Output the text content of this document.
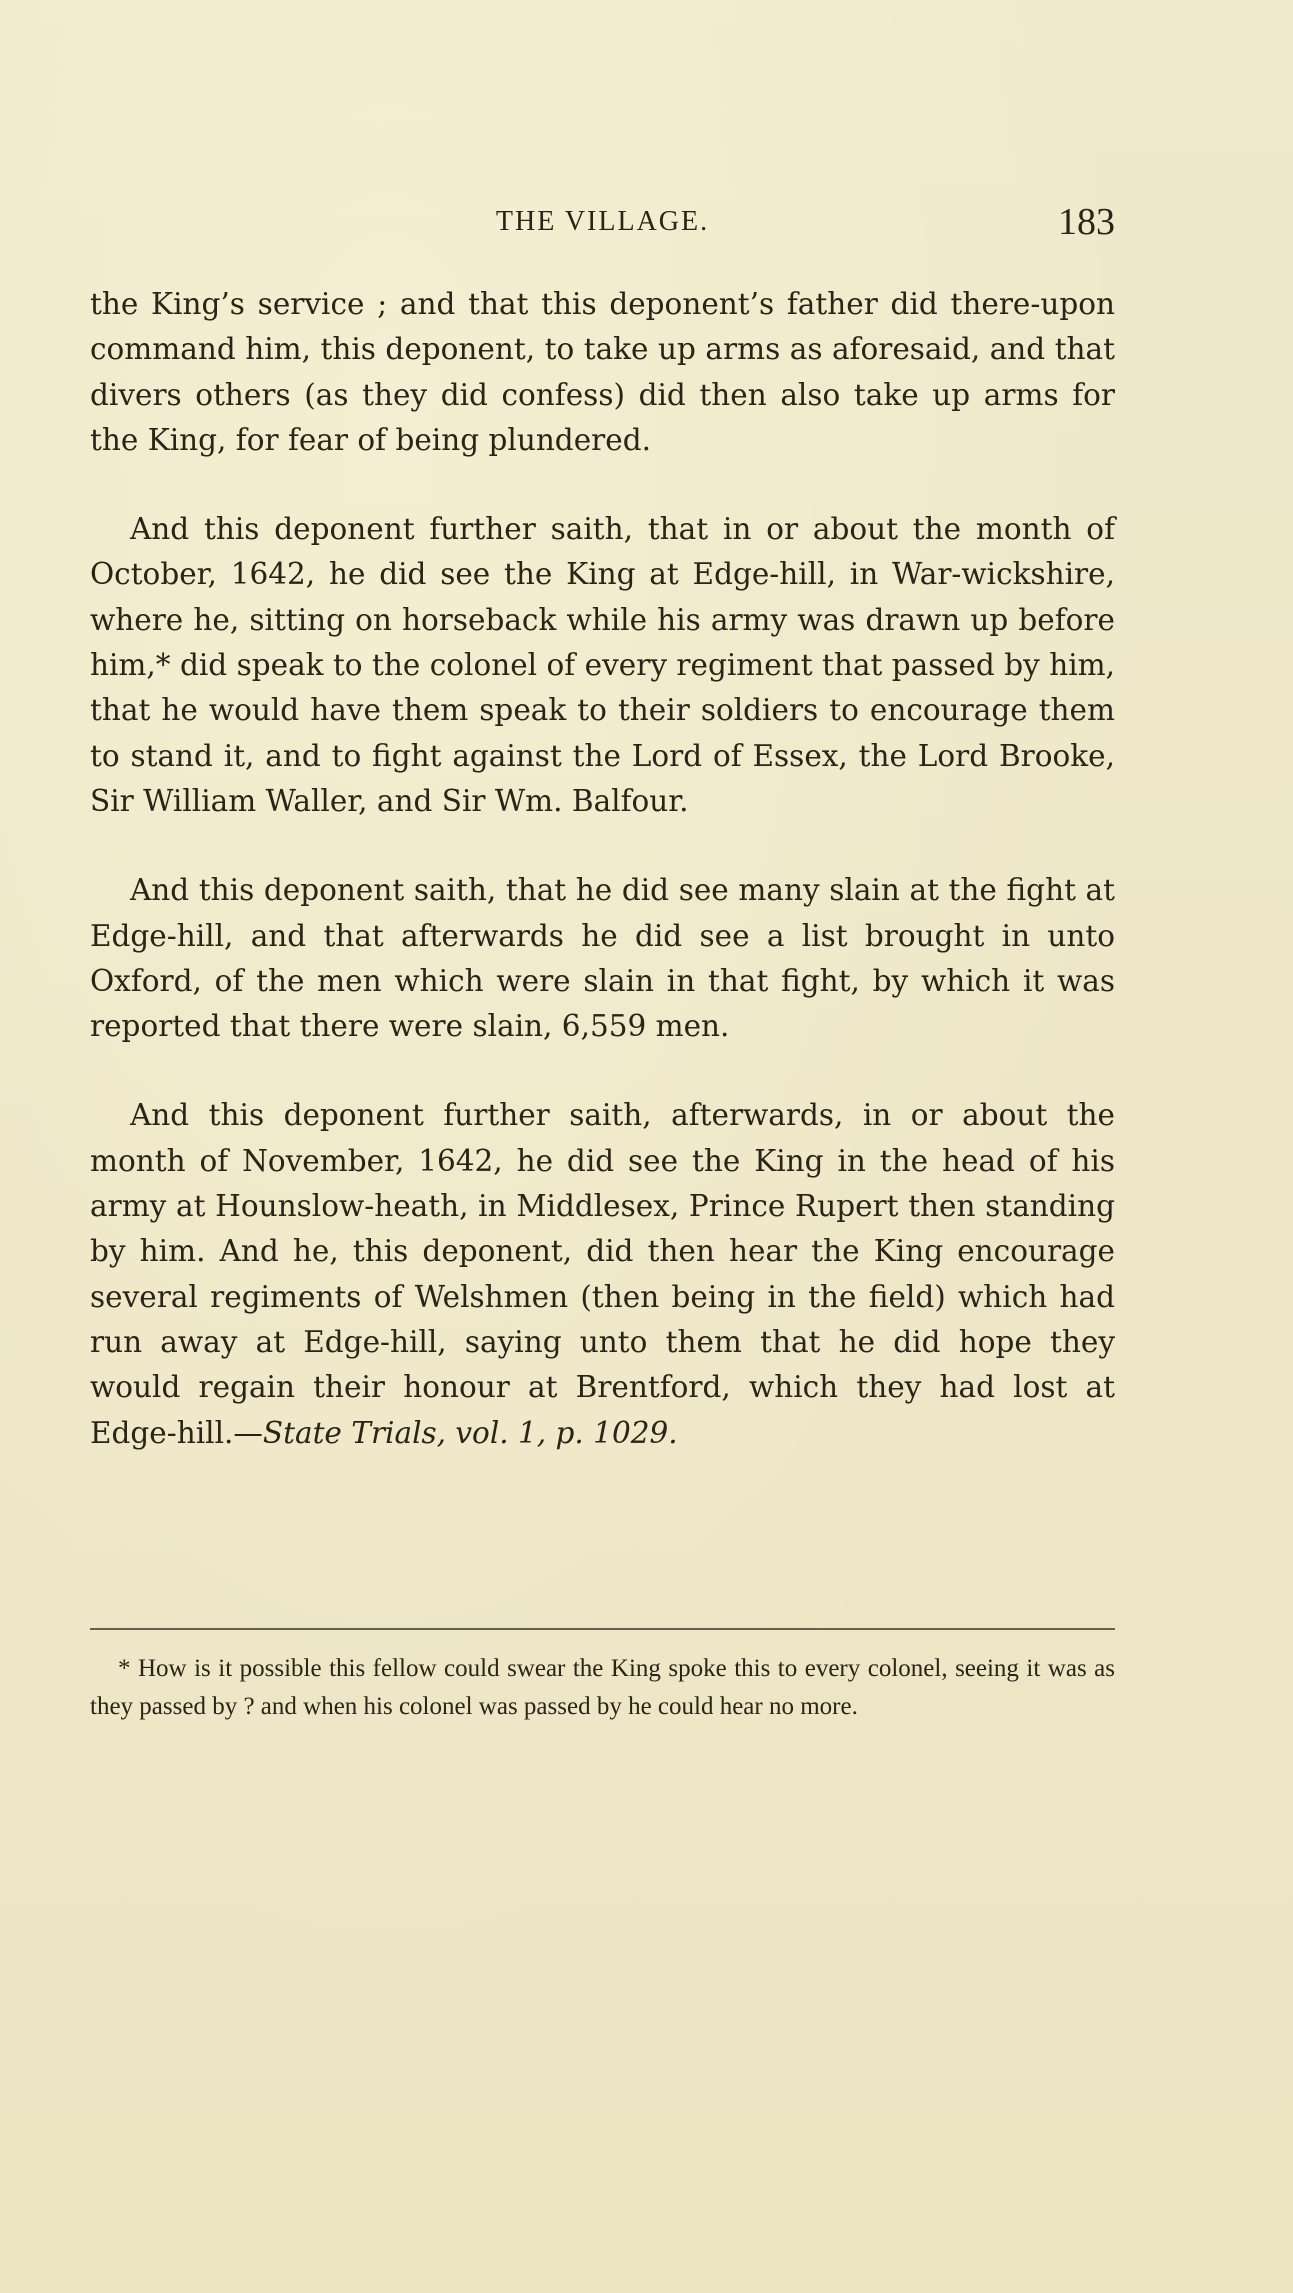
THE VILLAGE.	183

the King’s service ; and that this deponent’s father did there-upon command him, this deponent, to take up arms as aforesaid, and that divers others (as they did confess) did then also take up arms for the King, for fear of being plundered.

And this deponent further saith, that in or about the month of October, 1642, he did see the King at Edge-hill, in War-wickshire, where he, sitting on horseback while his army was drawn up before him,* did speak to the colonel of every regiment that passed by him, that he would have them speak to their soldiers to encourage them to stand it, and to fight against the Lord of Essex, the Lord Brooke, Sir William Waller, and Sir Wm. Balfour.

And this deponent saith, that he did see many slain at the fight at Edge-hill, and that afterwards he did see a list brought in unto Oxford, of the men which were slain in that fight, by which it was reported that there were slain, 6,559 men.

And this deponent further saith, afterwards, in or about the month of November, 1642, he did see the King in the head of his army at Hounslow-heath, in Middlesex, Prince Rupert then standing by him. And he, this deponent, did then hear the King encourage several regiments of Welshmen (then being in the field) which had run away at Edge-hill, saying unto them that he did hope they would regain their honour at Brentford, which they had lost at Edge-hill.—State Trials, vol. 1, p. 1029.

* How is it possible this fellow could swear the King spoke this to every colonel, seeing it was as they passed by ? and when his colonel was passed by he could hear no more.
